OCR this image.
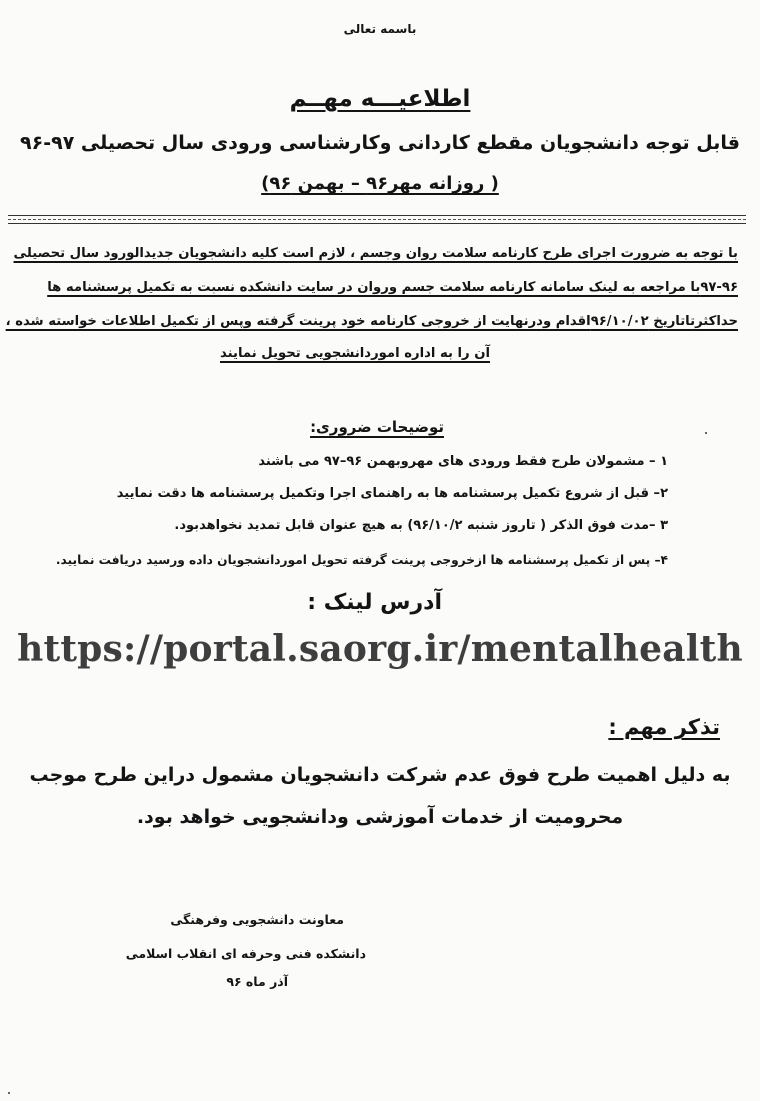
باسمه تعالی
اطلاعیـــه مهــم
قابل توجه دانشجویان مقطع کاردانی وکارشناسی ورودی سال تحصیلی ۹۷-۹۶
( روزانه مهر۹۶ – بهمن ۹۶)
با توجه به ضرورت اجرای طرح کارنامه سلامت روان وجسم ، لازم است کلیه دانشجویان جدیدالورود سال تحصیلی
۹۷-۹۶با مراجعه به لینک سامانه کارنامه سلامت جسم وروان در سایت دانشکده نسبت به تکمیل پرسشنامه ها
حداکثرتاتاریخ ۹۶/۱۰/۰۲اقدام ودرنهایت از خروجی کارنامه خود پرینت گرفته وپس از تکمیل اطلاعات خواسته شده ،
آن را به اداره اموردانشجویی تحویل نمایند
توضیحات ضروری:
۱ – مشمولان طرح فقط ورودی های مهروبهمن ۹۶–۹۷ می باشند
۲– قبل از شروع تکمیل پرسشنامه ها به راهنمای اجرا وتکمیل پرسشنامه ها دقت نمایید
۳ –مدت فوق الذکر ( تاروز شنبه ۹۶/۱۰/۲) به هیچ عنوان قابل تمدید نخواهدبود.
۴– پس از تکمیل پرسشنامه ها ازخروجی پرینت گرفته تحویل اموردانشجویان داده ورسید دریافت نمایید.
آدرس لینک :
https://portal.saorg.ir/mentalhealth
تذکر مهم :
به دلیل اهمیت طرح فوق عدم شرکت دانشجویان مشمول دراین طرح موجب
محرومیت از خدمات آموزشی ودانشجویی خواهد بود.
معاونت دانشجویی وفرهنگی
دانشکده فنی وحرفه ای انقلاب اسلامی
آذر ماه ۹۶
